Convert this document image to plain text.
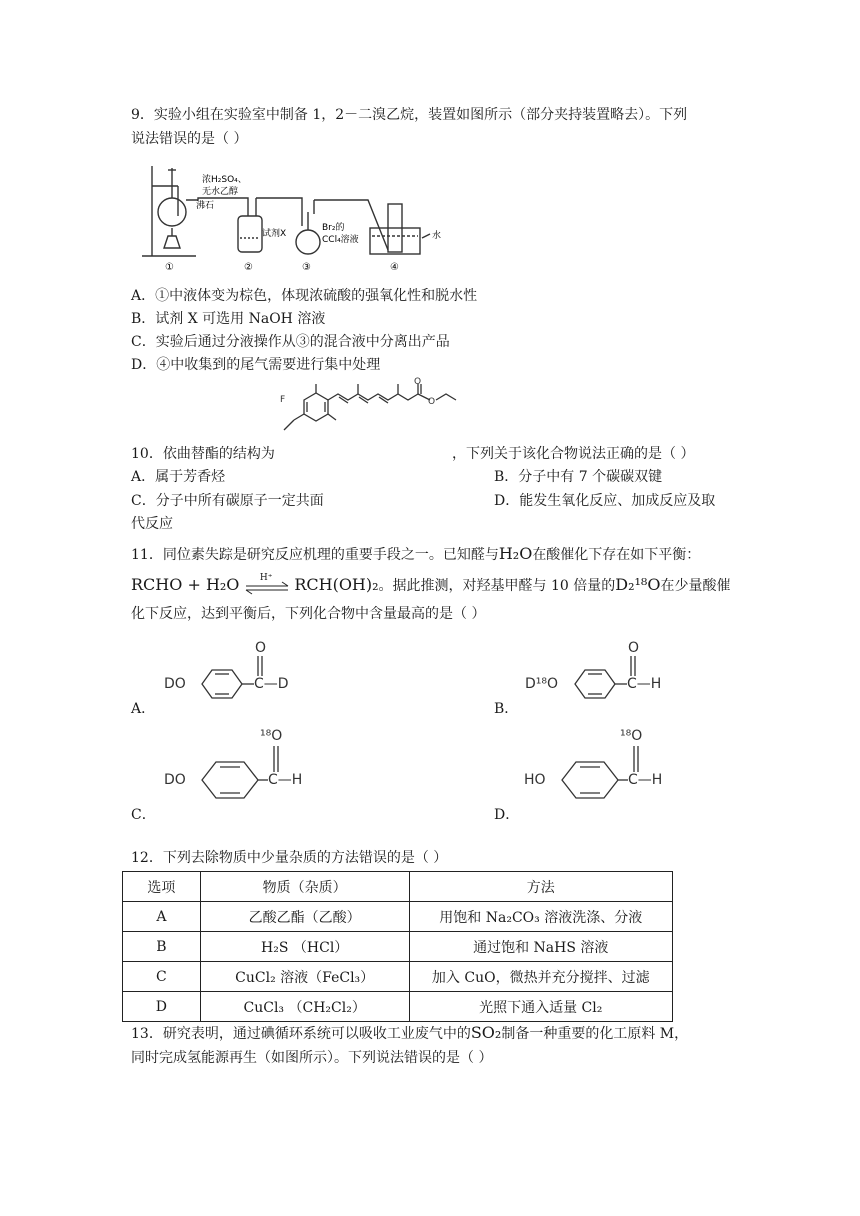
9．实验小组在实验室中制备 1，2－二溴乙烷，装置如图所示（部分夹持装置略去）。下列
说法错误的是（ ）
浓H₂SO₄、
无水乙醇
沸石
试剂X
Br₂的
CCl₄溶液	水
①	②	③	④
A．①中液体变为棕色，体现浓硫酸的强氧化性和脱水性
B．试剂 X 可选用 NaOH 溶液
C．实验后通过分液操作从③的混合液中分离出产品
D．④中收集到的尾气需要进行集中处理
O
O
F
10．依曲替酯的结构为	，下列关于该化合物说法正确的是（ ）
A．属于芳香烃	B．分子中有 7 个碳碳双键
C．分子中所有碳原子一定共面	D．能发生氧化反应、加成反应及取
代反应
11．同位素失踪是研究反应机理的重要手段之一。已知醛与H₂O在酸催化下存在如下平衡：
RCHO + H₂O H⁺ RCH(OH)₂。据此推测，对羟基甲醛与 10 倍量的D₂¹⁸O在少量酸催
化下反应，达到平衡后，下列化合物中含量最高的是（ ）
DO
O
C—D
A．
D¹⁸O
O
C—H
B．
DO
¹⁸O
C—H
C．
HO
¹⁸O
C—H
D．
12．下列去除物质中少量杂质的方法错误的是（ ）
选项	物质（杂质）	方法
A	乙酸乙酯（乙酸）	用饱和 Na₂CO₃ 溶液洗涤、分液
B	H₂S （HCl）	通过饱和 NaHS 溶液
C	CuCl₂ 溶液（FeCl₃）	加入 CuO，微热并充分搅拌、过滤
D	CuCl₃ （CH₂Cl₂）	光照下通入适量 Cl₂
13．研究表明，通过碘循环系统可以吸收工业废气中的SO₂制备一种重要的化工原料 M，
同时完成氢能源再生（如图所示）。下列说法错误的是（ ）
